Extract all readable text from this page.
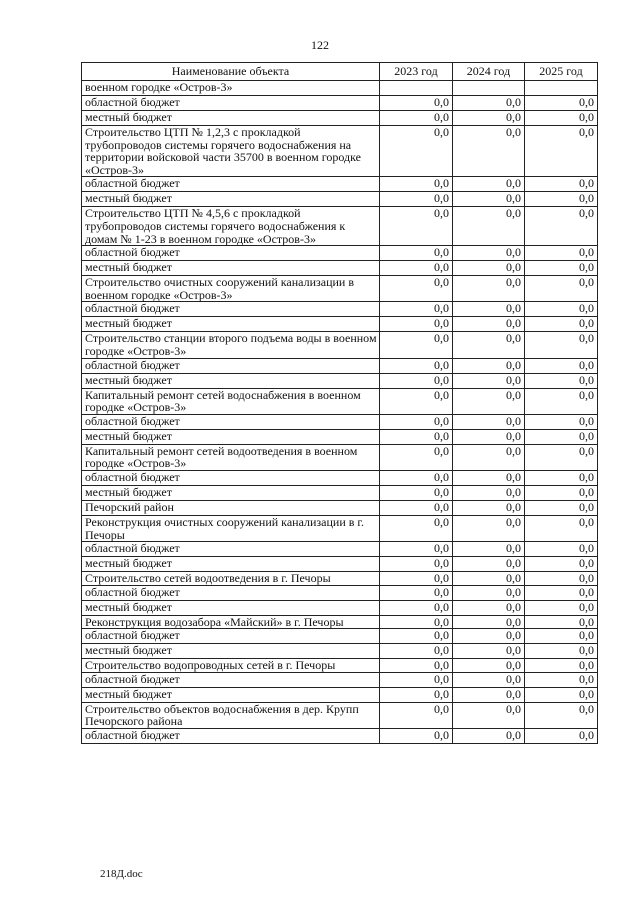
122
Наименование объекта	2023 год	2024 год	2025 год
военном городке «Остров-3»			
областной бюджет	0,0	0,0	0,0
местный бюджет	0,0	0,0	0,0
Строительство ЦТП № 1,2,3 с прокладкой трубопроводов системы горячего водоснабжения на территории войсковой части 35700 в военном городке «Остров-3»	0,0	0,0	0,0
областной бюджет	0,0	0,0	0,0
местный бюджет	0,0	0,0	0,0
Строительство ЦТП № 4,5,6 с прокладкой трубопроводов системы горячего водоснабжения к домам № 1-23 в военном городке «Остров-3»	0,0	0,0	0,0
областной бюджет	0,0	0,0	0,0
местный бюджет	0,0	0,0	0,0
Строительство очистных сооружений канализации в военном городке «Остров-3»	0,0	0,0	0,0
областной бюджет	0,0	0,0	0,0
местный бюджет	0,0	0,0	0,0
Строительство станции второго подъема воды в военном городке «Остров-3»	0,0	0,0	0,0
областной бюджет	0,0	0,0	0,0
местный бюджет	0,0	0,0	0,0
Капитальный ремонт сетей водоснабжения в военном городке «Остров-3»	0,0	0,0	0,0
областной бюджет	0,0	0,0	0,0
местный бюджет	0,0	0,0	0,0
Капитальный ремонт сетей водоотведения в военном городке «Остров-3»	0,0	0,0	0,0
областной бюджет	0,0	0,0	0,0
местный бюджет	0,0	0,0	0,0
Печорский район	0,0	0,0	0,0
Реконструкция очистных сооружений канализации в г. Печоры	0,0	0,0	0,0
областной бюджет	0,0	0,0	0,0
местный бюджет	0,0	0,0	0,0
Строительство сетей водоотведения в г. Печоры	0,0	0,0	0,0
областной бюджет	0,0	0,0	0,0
местный бюджет	0,0	0,0	0,0
Реконструкция водозабора «Майский» в г. Печоры	0,0	0,0	0,0
областной бюджет	0,0	0,0	0,0
местный бюджет	0,0	0,0	0,0
Строительство водопроводных сетей в г. Печоры	0,0	0,0	0,0
областной бюджет	0,0	0,0	0,0
местный бюджет	0,0	0,0	0,0
Строительство объектов водоснабжения в дер. Крупп Печорского района	0,0	0,0	0,0
областной бюджет	0,0	0,0	0,0
218Д.doc
